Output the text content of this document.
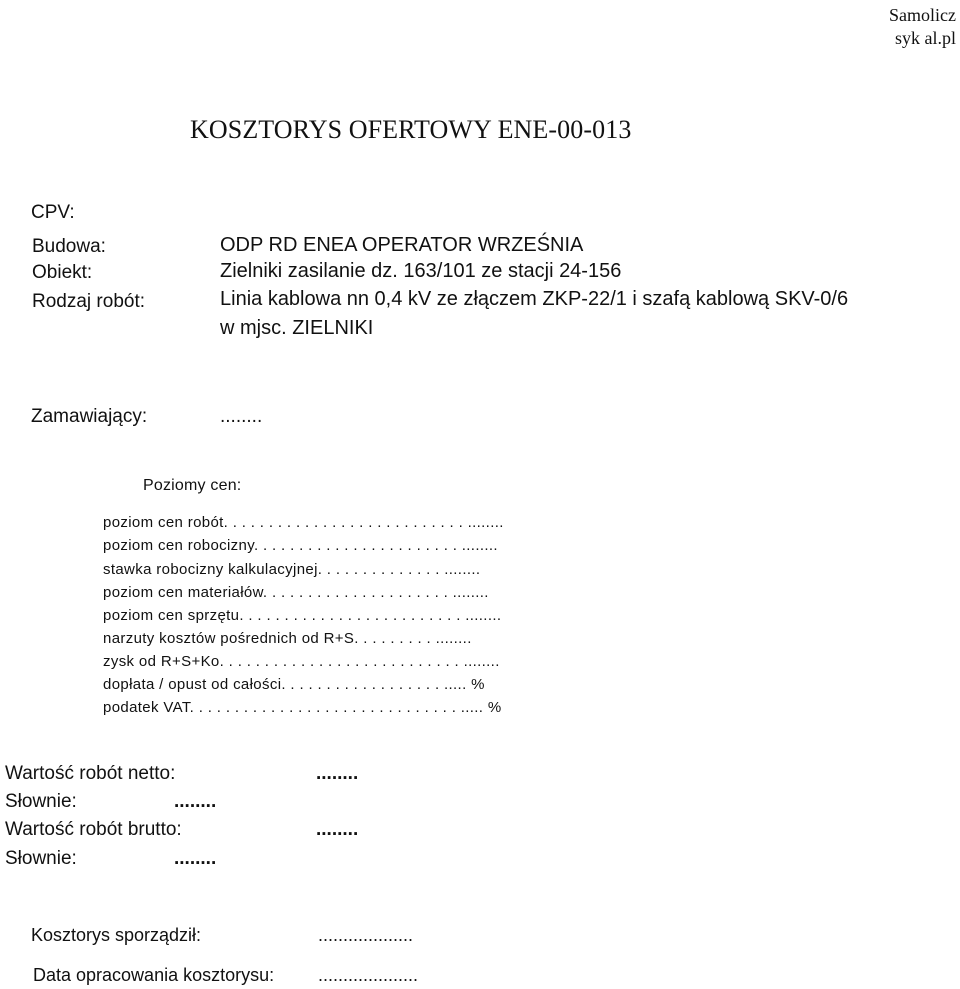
Samolicz
syk al.pl
KOSZTORYS OFERTOWY ENE-00-013
CPV:
Budowa:	ODP RD ENEA OPERATOR WRZEŚNIA
Obiekt:	Zielniki zasilanie dz. 163/101 ze stacji 24-156
Rodzaj robót:	Linia kablowa nn 0,4 kV ze złączem ZKP-22/1 i szafą kablową SKV-0/6
w mjsc. ZIELNIKI
Zamawiający:	........
Poziomy cen:
poziom cen robót. . . . . . . . . . . . . . . . . . . . . . . . . . . ........
poziom cen robocizny. . . . . . . . . . . . . . . . . . . . . . . ........
stawka robocizny kalkulacyjnej. . . . . . . . . . . . . . ........
poziom cen materiałów. . . . . . . . . . . . . . . . . . . . . ........
poziom cen sprzętu. . . . . . . . . . . . . . . . . . . . . . . . . ........
narzuty kosztów pośrednich od R+S. . . . . . . . . ........
zysk od R+S+Ko. . . . . . . . . . . . . . . . . . . . . . . . . . . ........
dopłata / opust od całości. . . . . . . . . . . . . . . . . . ..... %
podatek VAT. . . . . . . . . . . . . . . . . . . . . . . . . . . . . . ..... %
Wartość robót netto:	........
Słownie:	........
Wartość robót brutto:	........
Słownie:	........
Kosztorys sporządził:	...................
Data opracowania kosztorysu: ....................
